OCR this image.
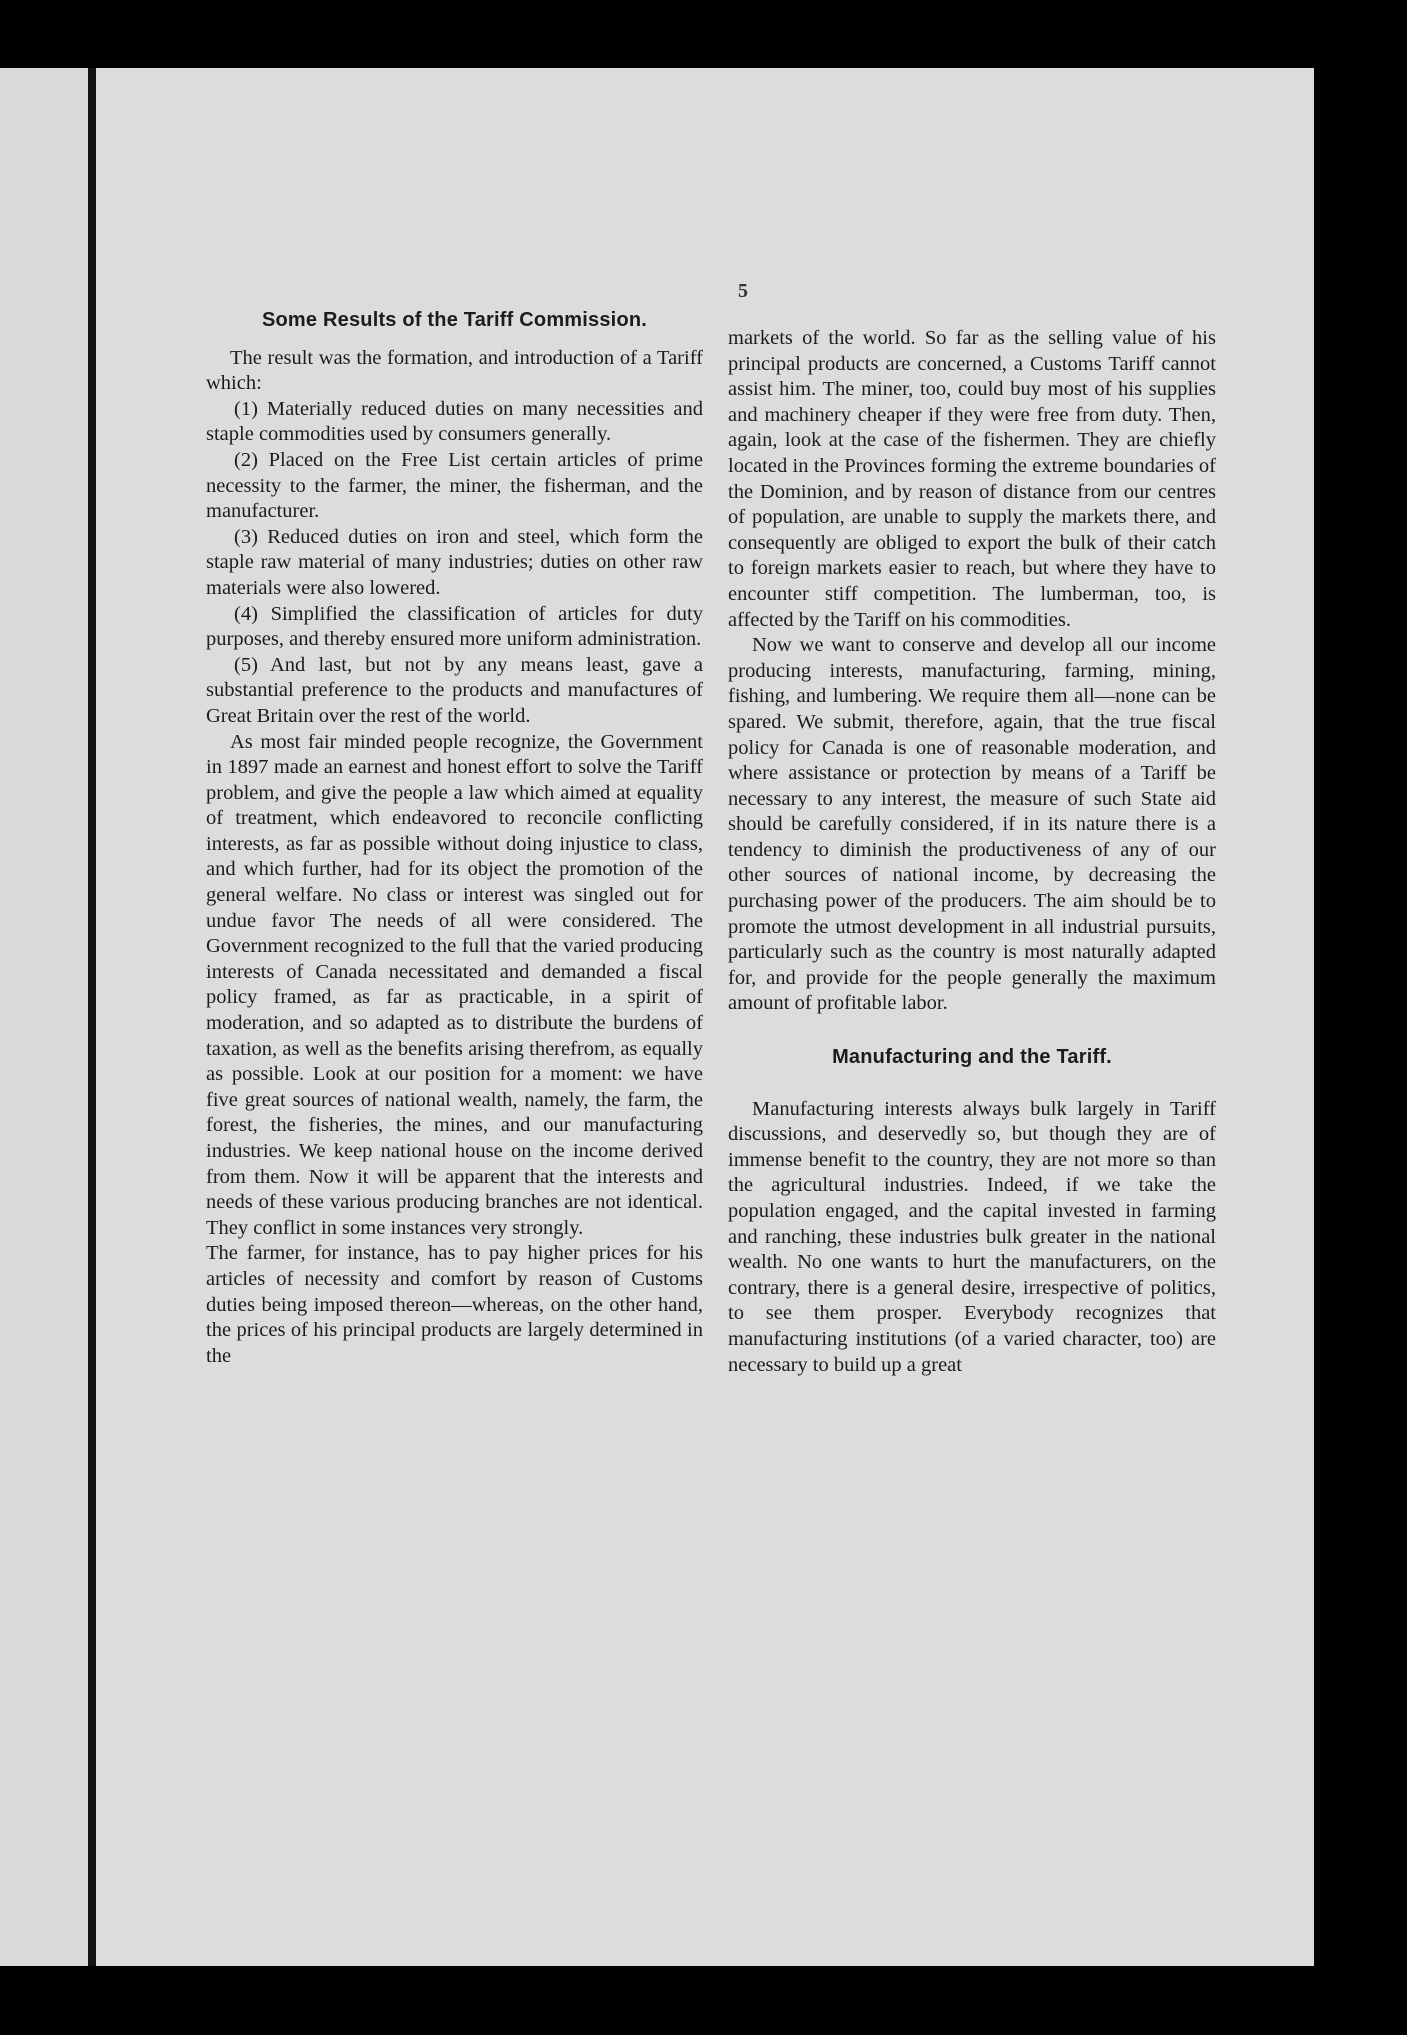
5

Some Results of the Tariff Commission.

The result was the formation, and introduction of a Tariff which:

(1) Materially reduced duties on many necessities and staple commodities used by consumers generally.

(2) Placed on the Free List certain articles of prime necessity to the farmer, the miner, the fisherman, and the manufacturer.

(3) Reduced duties on iron and steel, which form the staple raw material of many industries; duties on other raw materials were also lowered.

(4) Simplified the classification of articles for duty purposes, and thereby ensured more uniform administration.

(5) And last, but not by any means least, gave a substantial preference to the products and manufactures of Great Britain over the rest of the world.

As most fair minded people recognize, the Government in 1897 made an earnest and honest effort to solve the Tariff problem, and give the people a law which aimed at equality of treatment, which endeavored to reconcile conflicting interests, as far as possible without doing injustice to class, and which further, had for its object the promotion of the general welfare. No class or interest was singled out for undue favor The needs of all were considered. The Government recognized to the full that the varied producing interests of Canada necessitated and demanded a fiscal policy framed, as far as practicable, in a spirit of moderation, and so adapted as to distribute the burdens of taxation, as well as the benefits arising therefrom, as equally as possible. Look at our position for a moment: we have five great sources of national wealth, namely, the farm, the forest, the fisheries, the mines, and our manufacturing industries. We keep national house on the income derived from them. Now it will be apparent that the interests and needs of these various producing branches are not identical. They conflict in some instances very strongly.

The farmer, for instance, has to pay higher prices for his articles of necessity and comfort by reason of Customs duties being imposed thereon—whereas, on the other hand, the prices of his principal products are largely determined in the

markets of the world. So far as the selling value of his principal products are concerned, a Customs Tariff cannot assist him. The miner, too, could buy most of his supplies and machinery cheaper if they were free from duty. Then, again, look at the case of the fishermen. They are chiefly located in the Provinces forming the extreme boundaries of the Dominion, and by reason of distance from our centres of population, are unable to supply the markets there, and consequently are obliged to export the bulk of their catch to foreign markets easier to reach, but where they have to encounter stiff competition. The lumberman, too, is affected by the Tariff on his commodities.

Now we want to conserve and develop all our income producing interests, manufacturing, farming, mining, fishing, and lumbering. We require them all—none can be spared. We submit, therefore, again, that the true fiscal policy for Canada is one of reasonable moderation, and where assistance or protection by means of a Tariff be necessary to any interest, the measure of such State aid should be carefully considered, if in its nature there is a tendency to diminish the productiveness of any of our other sources of national income, by decreasing the purchasing power of the producers. The aim should be to promote the utmost development in all industrial pursuits, particularly such as the country is most naturally adapted for, and provide for the people generally the maximum amount of profitable labor.

Manufacturing and the Tariff.

Manufacturing interests always bulk largely in Tariff discussions, and deservedly so, but though they are of immense benefit to the country, they are not more so than the agricultural industries. Indeed, if we take the population engaged, and the capital invested in farming and ranching, these industries bulk greater in the national wealth. No one wants to hurt the manufacturers, on the contrary, there is a general desire, irrespective of politics, to see them prosper. Everybody recognizes that manufacturing institutions (of a varied character, too) are necessary to build up a great
